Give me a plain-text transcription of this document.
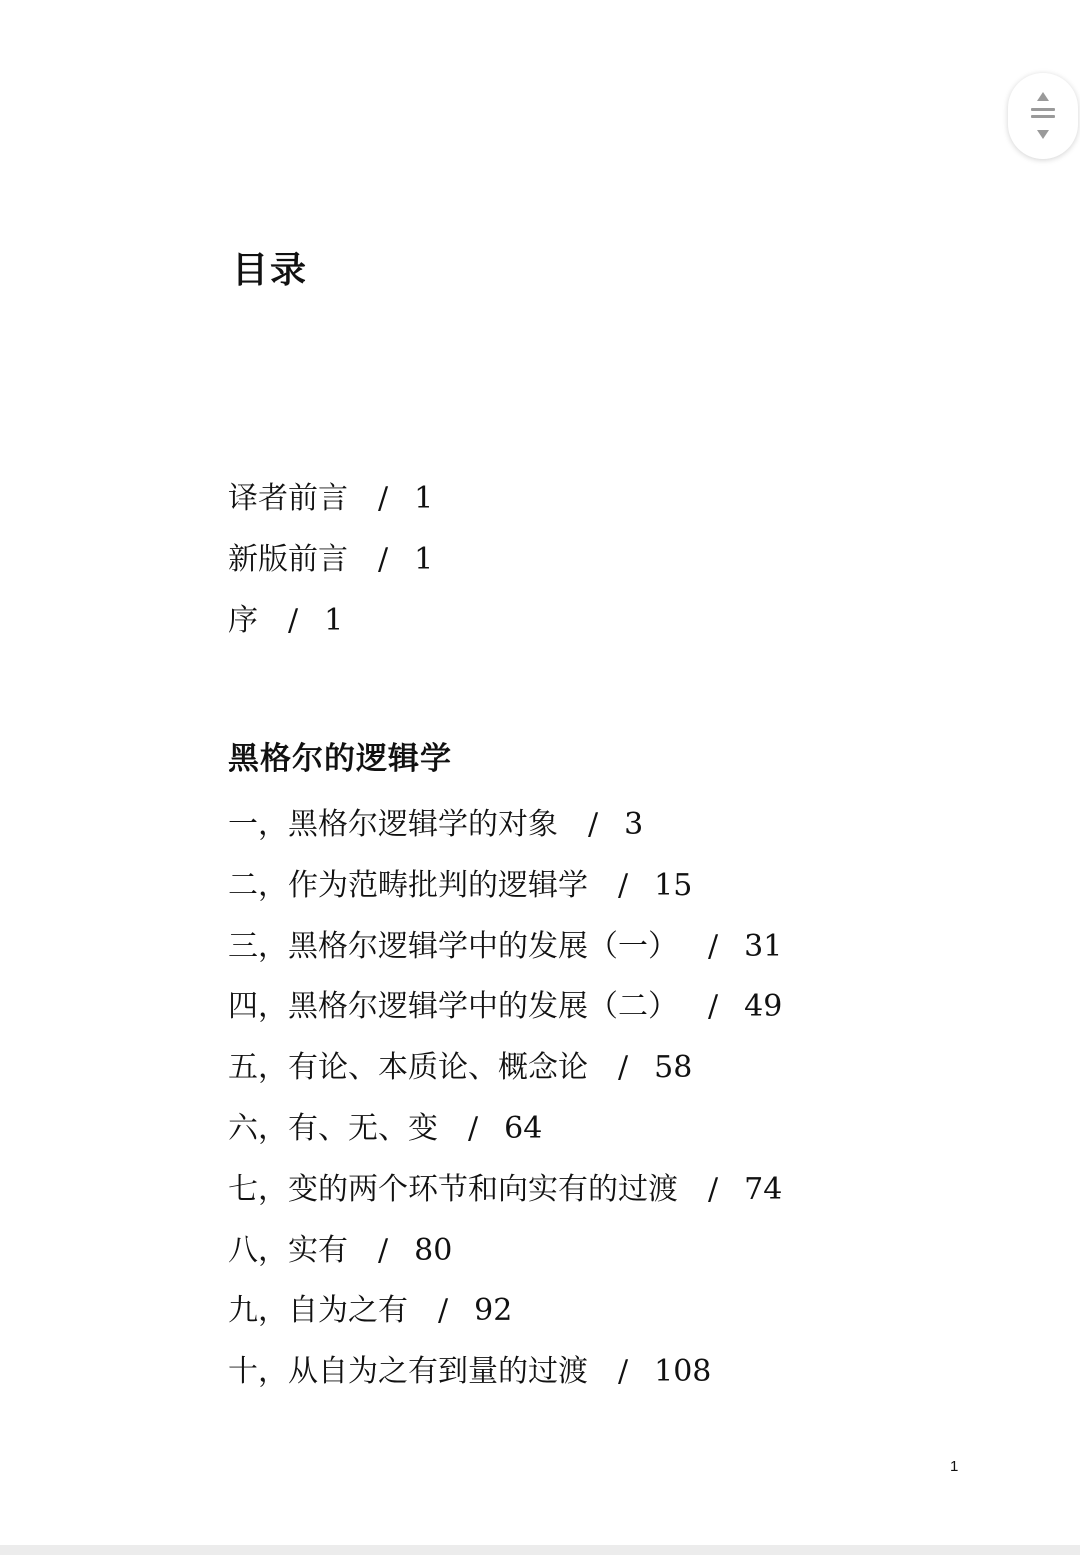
目录
译者前言 / 1
新版前言 / 1
序 / 1
黑格尔的逻辑学
一，黑格尔逻辑学的对象 / 3
二，作为范畴批判的逻辑学 / 15
三，黑格尔逻辑学中的发展（一） / 31
四，黑格尔逻辑学中的发展（二） / 49
五，有论、本质论、概念论 / 58
六，有、无、变 / 64
七，变的两个环节和向实有的过渡 / 74
八，实有 / 80
九，自为之有 / 92
十，从自为之有到量的过渡 / 108
1
